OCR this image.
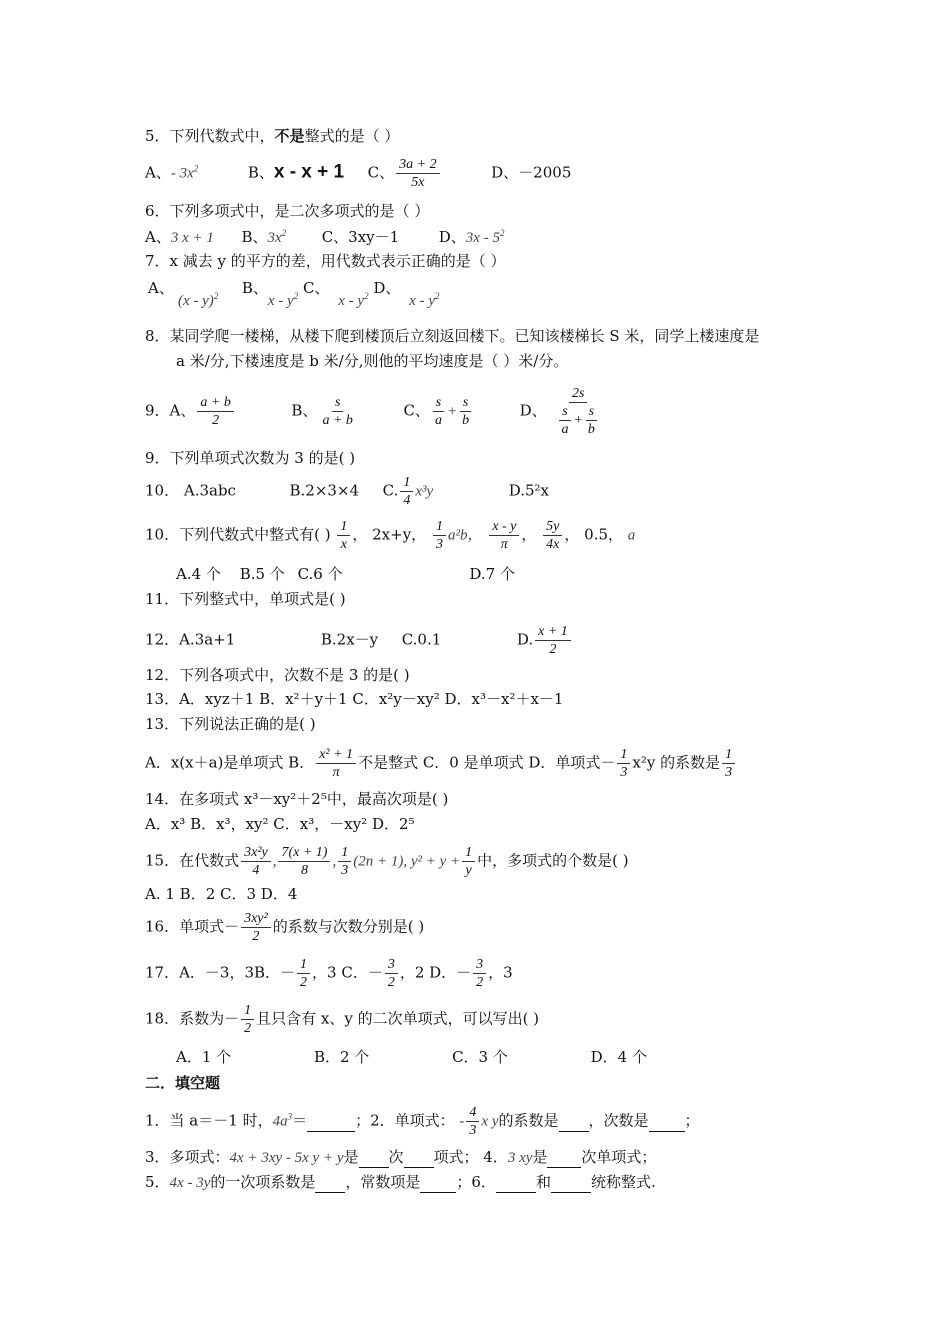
5．下列代数式中，不是整式的是（ ）
A、- $3x^2$	B、x - x + 1 C、 $\frac{3a + 2}{5x}$	D、－2005
6．下列多项式中，是二次多项式的是（ ）
A、3 x + 1 B、$3x^2$ C、3xy－1	D、$3x - 5^2$
7．x 减去 y 的平方的差，用代数式表示正确的是（ ）
A、
(x - y)$^2$ B、x - $y^2$ C、 x - $y^2$ D、 x - $y^2$
8．某同学爬一楼梯，从楼下爬到楼顶后立刻返回楼下。已知该楼梯长 S 米，同学上楼速度是
a 米/分,下楼速度是 b 米/分,则他的平均速度是（ ）米/分。
9．A、 $\frac{a + b}{2}$	B、 $\frac{s}{a + b}$	C、 $\frac{s}{a} + \frac{s}{b}$	D、 $\frac{2s}{\frac{s}{a} + \frac{s}{b}}$
9．下列单项式次数为 3 的是( )
10． A.3abc	B.2×3×4 C. $\frac{1}{4} x^3y$	D.5²x
10．下列代数式中整式有( ) $\frac{1}{x}$ ， 2x+y， $\frac{1}{3} a^2b$， $\frac{x - y}{\pi}$ ， $\frac{5y}{4x}$ ， 0.5， a
A.4 个 B.5 个 C.6 个	D.7 个
11．下列整式中，单项式是( )
12．A.3a+1	B.2x－y C.0.1	D. $\frac{x + 1}{2}$
12．下列各项式中，次数不是 3 的是( )
13．A．xyz＋1 B．x²＋y＋1 C．x²y－xy² D．x³－x²＋x－1
13．下列说法正确的是( )
A．x(x＋a)是单项式 B． $\frac{\text{x² + 1}}{\pi}$ 不是整式 C．0 是单项式 D．单项式－ $\frac{1}{3} x^2y$ 的系数是 $\frac{1}{3}$
14．在多项式 x³－xy²＋2⁵中，最高次项是( )
A．x³ B．x³，xy² C．x³，－xy² D．2⁵
15．在代数式 $\frac{\text{3x²y}}{4}$ , $\frac{7(x + 1)}{8}$ , $\frac{1}{3} (2n + 1)$, $y^2 + y + \frac{1}{y}$ 中，多项式的个数是( )
A. 1 B．2 C．3 D．4
16．单项式－ $\frac{\text{3xy²}}{2}$ 的系数与次数分别是( )
17．A．－3，3B．－ $\frac{1}{2}$ ，3 C．－ $\frac{3}{2}$ ，2 D．－ $\frac{3}{2}$ ，3
18．系数为－ $\frac{1}{2}$ 且只含有 x、y 的二次单项式，可以写出( )
A．1 个	B．2 个	C．3 个	D．4 个
二．填空题
1．当 a＝－1 时，$4a^3=$	；2．单项式： - $\frac{4}{3}$ x y的系数是 ，次数是 ；
3．多项式：4x + 3xy - 5x y + y是 次 项式； 4．3 xy是 次单项式；
5．4x - 3y的一次项系数是 ，常数项是 ；6．	和	统称整式.
